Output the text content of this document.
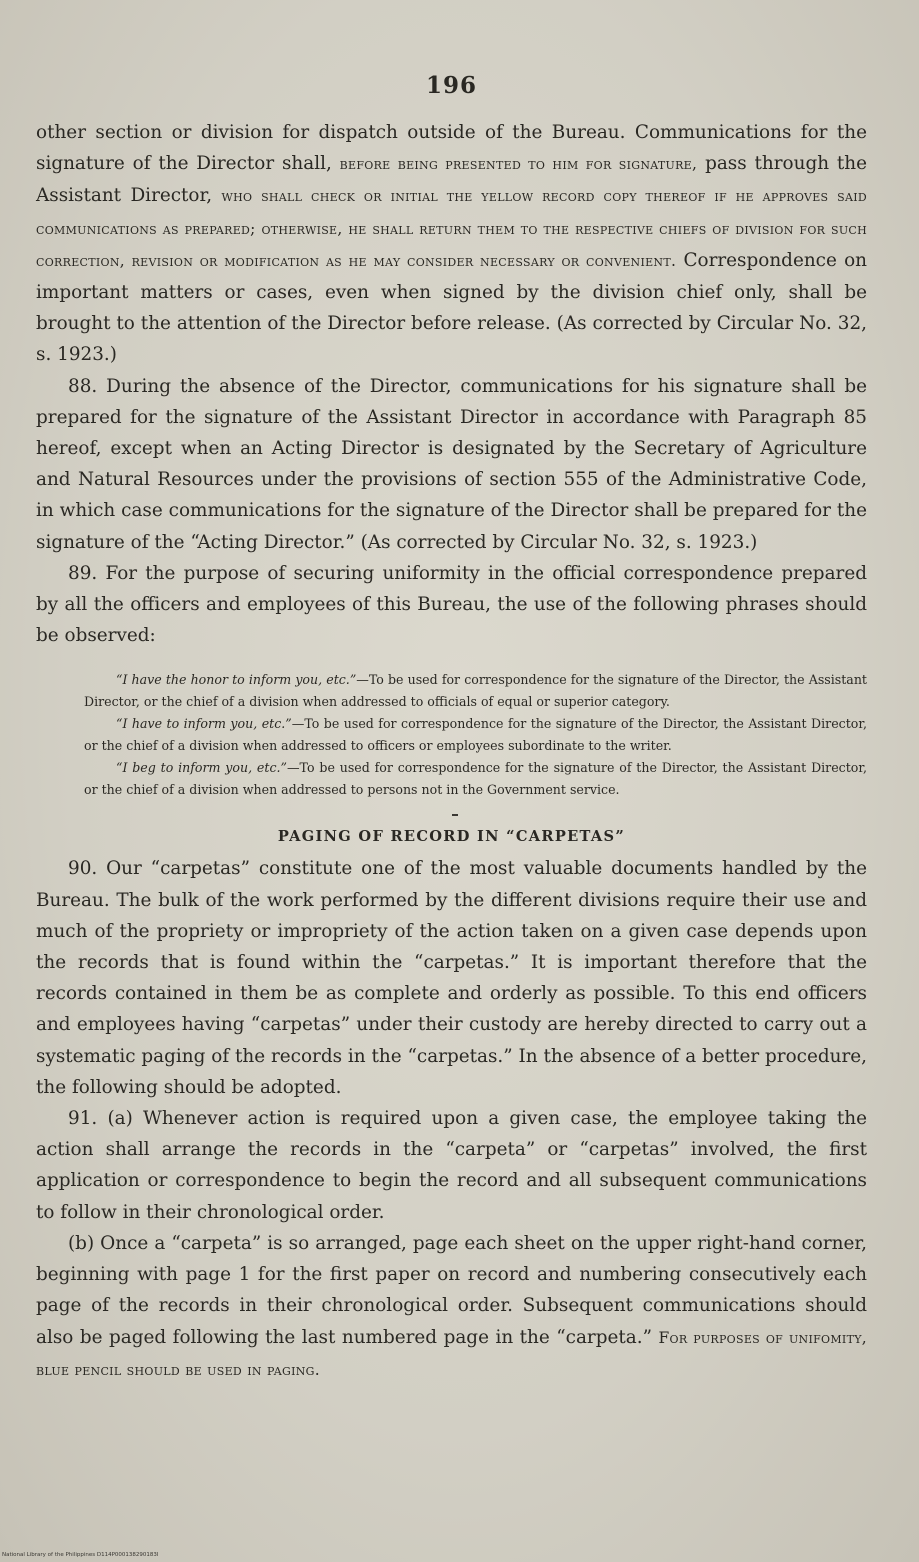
196

other section or division for dispatch outside of the Bureau. Communications for the signature of the Director shall, before being presented to him for signature, pass through the Assistant Director, who shall check or initial the yellow record copy thereof if he approves said communications as prepared; otherwise, he shall return them to the respective chiefs of division for such correction, revision or modification as he may consider necessary or convenient. Correspondence on important matters or cases, even when signed by the division chief only, shall be brought to the attention of the Director before release. (As corrected by Circular No. 32, s. 1923.)

88. During the absence of the Director, communications for his signature shall be prepared for the signature of the Assistant Director in accordance with Paragraph 85 hereof, except when an Acting Director is designated by the Secretary of Agriculture and Natural Resources under the provisions of section 555 of the Administrative Code, in which case communications for the signature of the Director shall be prepared for the signature of the “Acting Director.” (As corrected by Circular No. 32, s. 1923.)

89. For the purpose of securing uniformity in the official correspondence prepared by all the officers and employees of this Bureau, the use of the following phrases should be observed:

“I have the honor to inform you, etc.”—To be used for correspondence for the signature of the Director, the Assistant Director, or the chief of a division when addressed to officials of equal or superior category.

“I have to inform you, etc.”—To be used for correspondence for the signature of the Director, the Assistant Director, or the chief of a division when addressed to officers or employees subordinate to the writer.

“I beg to inform you, etc.”—To be used for correspondence for the signature of the Director, the Assistant Director, or the chief of a division when addressed to persons not in the Government service.

PAGING OF RECORD IN “CARPETAS”

90. Our “carpetas” constitute one of the most valuable documents handled by the Bureau. The bulk of the work performed by the different divisions require their use and much of the propriety or impropriety of the action taken on a given case depends upon the records that is found within the “carpetas.” It is important therefore that the records contained in them be as complete and orderly as possible. To this end officers and employees having “carpetas” under their custody are hereby directed to carry out a systematic paging of the records in the “carpetas.” In the absence of a better procedure, the following should be adopted.

91. (a) Whenever action is required upon a given case, the employee taking the action shall arrange the records in the “carpeta” or “carpetas” involved, the first application or correspondence to begin the record and all subsequent communications to follow in their chronological order.

(b) Once a “carpeta” is so arranged, page each sheet on the upper right-hand corner, beginning with page 1 for the first paper on record and numbering consecutively each page of the records in their chronological order. Subsequent communications should also be paged following the last numbered page in the “carpeta.” For purposes of unifomity, blue pencil should be used in paging.

National Library of the Philippines D114P000138290183I
